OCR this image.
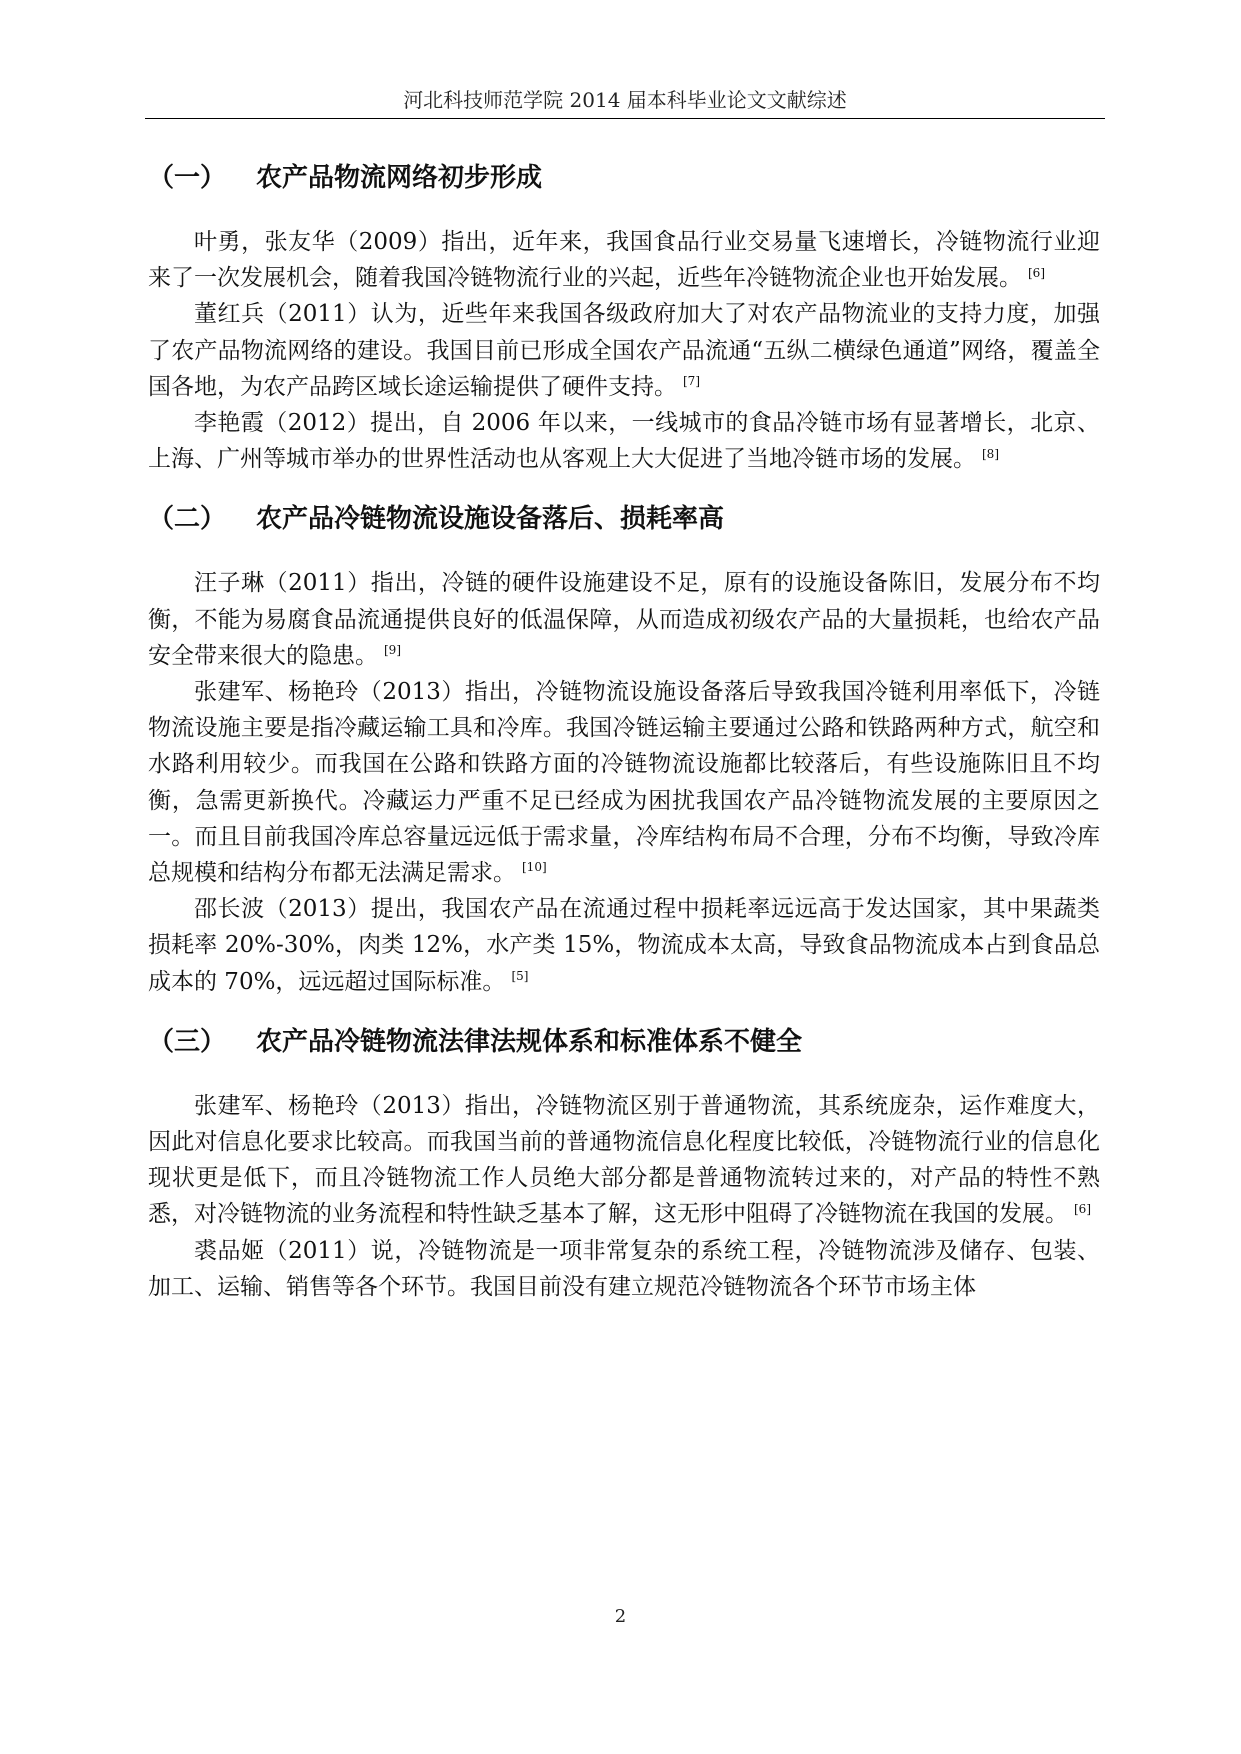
河北科技师范学院 2014 届本科毕业论文文献综述
（一） 农产品物流网络初步形成

叶勇，张友华（2009）指出，近年来，我国食品行业交易量飞速增长，冷链物流行业迎来了一次发展机会，随着我国冷链物流行业的兴起，近些年冷链物流企业也开始发展。 [6]

董红兵（2011）认为，近些年来我国各级政府加大了对农产品物流业的支持力度，加强了农产品物流网络的建设。我国目前已形成全国农产品流通“五纵二横绿色通道”网络，覆盖全国各地，为农产品跨区域长途运输提供了硬件支持。 [7]

李艳霞（2012）提出，自 2006 年以来，一线城市的食品冷链市场有显著增长，北京、上海、广州等城市举办的世界性活动也从客观上大大促进了当地冷链市场的发展。 [8]

（二） 农产品冷链物流设施设备落后、损耗率高

汪子琳（2011）指出，冷链的硬件设施建设不足，原有的设施设备陈旧，发展分布不均衡，不能为易腐食品流通提供良好的低温保障，从而造成初级农产品的大量损耗，也给农产品安全带来很大的隐患。 [9]

张建军、杨艳玲（2013）指出，冷链物流设施设备落后导致我国冷链利用率低下，冷链物流设施主要是指冷藏运输工具和冷库。我国冷链运输主要通过公路和铁路两种方式，航空和水路利用较少。而我国在公路和铁路方面的冷链物流设施都比较落后，有些设施陈旧且不均衡，急需更新换代。冷藏运力严重不足已经成为困扰我国农产品冷链物流发展的主要原因之一。而且目前我国冷库总容量远远低于需求量，冷库结构布局不合理，分布不均衡，导致冷库总规模和结构分布都无法满足需求。 [10]

邵长波（2013）提出，我国农产品在流通过程中损耗率远远高于发达国家，其中果蔬类损耗率 20%-30%，肉类 12%，水产类 15%，物流成本太高，导致食品物流成本占到食品总成本的 70%，远远超过国际标准。 [5]

（三） 农产品冷链物流法律法规体系和标准体系不健全

张建军、杨艳玲（2013）指出，冷链物流区别于普通物流，其系统庞杂，运作难度大，因此对信息化要求比较高。而我国当前的普通物流信息化程度比较低，冷链物流行业的信息化现状更是低下，而且冷链物流工作人员绝大部分都是普通物流转过来的，对产品的特性不熟悉，对冷链物流的业务流程和特性缺乏基本了解，这无形中阻碍了冷链物流在我国的发展。 [6]

裘品姬（2011）说，冷链物流是一项非常复杂的系统工程，冷链物流涉及储存、包装、加工、运输、销售等各个环节。我国目前没有建立规范冷链物流各个环节市场主体

2
